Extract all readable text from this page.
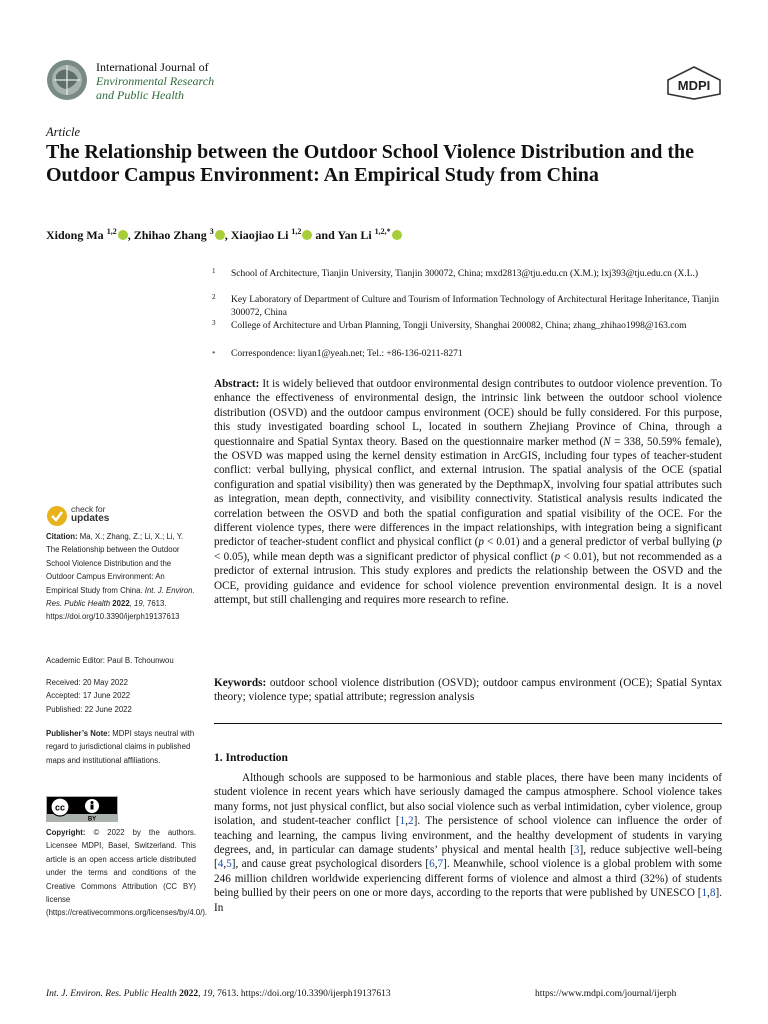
International Journal of
Environmental Research
and Public Health
MDPI
Article
The Relationship between the Outdoor School Violence Distribution and the Outdoor Campus Environment: An Empirical Study from China
Xidong Ma $^{1,2}$ , Zhihao Zhang $^3$ , Xiaojiao Li $^{1,2}$ and Yan Li $^{1,2,*}$
1 School of Architecture, Tianjin University, Tianjin 300072, China; mxd2813@tju.edu.cn (X.M.); lxj393@tju.edu.cn (X.L.)
2 Key Laboratory of Department of Culture and Tourism of Information Technology of Architectural Heritage Inheritance, Tianjin 300072, China
3 College of Architecture and Urban Planning, Tongji University, Shanghai 200082, China; zhang_zhihao1998@163.com
* Correspondence: liyan1@yeah.net; Tel.: +86-136-0211-8271
Abstract: It is widely believed that outdoor environmental design contributes to outdoor violence prevention. To enhance the effectiveness of environmental design, the intrinsic link between the outdoor school violence distribution (OSVD) and the outdoor campus environment (OCE) should be fully considered. For this purpose, this study investigated boarding school L, located in southern Zhejiang Province of China, through a questionnaire and Spatial Syntax theory. Based on the questionnaire marker method (N = 338, 50.59% female), the OSVD was mapped using the kernel density estimation in ArcGIS, including four types of teacher-student conflict: verbal bullying, physical conflict, and external intrusion. The spatial analysis of the OCE (spatial configuration and spatial visibility) then was generated by the DepthmapX, involving four spatial attributes such as integration, mean depth, connectivity, and visibility connectivity. Statistical analysis results indicated the correlation between the OSVD and both the spatial configuration and spatial visibility of the OCE. For the different violence types, there were differences in the impact relationships, with integration being a significant predictor of teacher-student conflict and physical conflict (p < 0.01) and a general predictor of verbal bullying (p < 0.05), while mean depth was a significant predictor of physical conflict (p < 0.01), but not recommended as a predictor of external intrusion. This study explores and predicts the relationship between the OSVD and the OCE, providing guidance and evidence for school violence prevention environmental design. It is a novel attempt, but still challenging and requires more research to refine.
Keywords: outdoor school violence distribution (OSVD); outdoor campus environment (OCE); Spatial Syntax theory; violence type; spatial attribute; regression analysis
1. Introduction

Although schools are supposed to be harmonious and stable places, there have been many incidents of student violence in recent years which have seriously damaged the campus atmosphere. School violence takes many forms, not just physical conflict, but also social violence such as verbal intimidation, cyber violence, group isolation, and student-teacher conflict [1,2]. The persistence of school violence can influence the order of teaching and learning, the campus living environment, and the healthy development of students in varying degrees, and, in particular can damage students’ physical and mental health [3], reduce subjective well-being [4,5], and cause great psychological disorders [6,7]. Meanwhile, school violence is a global problem with some 246 million children worldwide experiencing different forms of violence and almost a third (32%) of students being bullied by their peers on one or more days, according to the reports that were published by UNESCO [1,8]. In

check for
updates
Citation: Ma, X.; Zhang, Z.; Li, X.; Li, Y. The Relationship between the Outdoor School Violence Distribution and the Outdoor Campus Environment: An Empirical Study from China. Int. J. Environ. Res. Public Health 2022, 19, 7613. https://doi.org/10.3390/ijerph19137613
Academic Editor: Paul B. Tchounwou
Received: 20 May 2022
Accepted: 17 June 2022
Published: 22 June 2022
Publisher’s Note: MDPI stays neutral with regard to jurisdictional claims in published maps and institutional affiliations.
cc
BY
Copyright: © 2022 by the authors. Licensee MDPI, Basel, Switzerland. This article is an open access article distributed under the terms and conditions of the Creative Commons Attribution (CC BY) license (https://creativecommons.org/licenses/by/4.0/).
Int. J. Environ. Res. Public Health 2022, 19, 7613. https://doi.org/10.3390/ijerph19137613	https://www.mdpi.com/journal/ijerph
